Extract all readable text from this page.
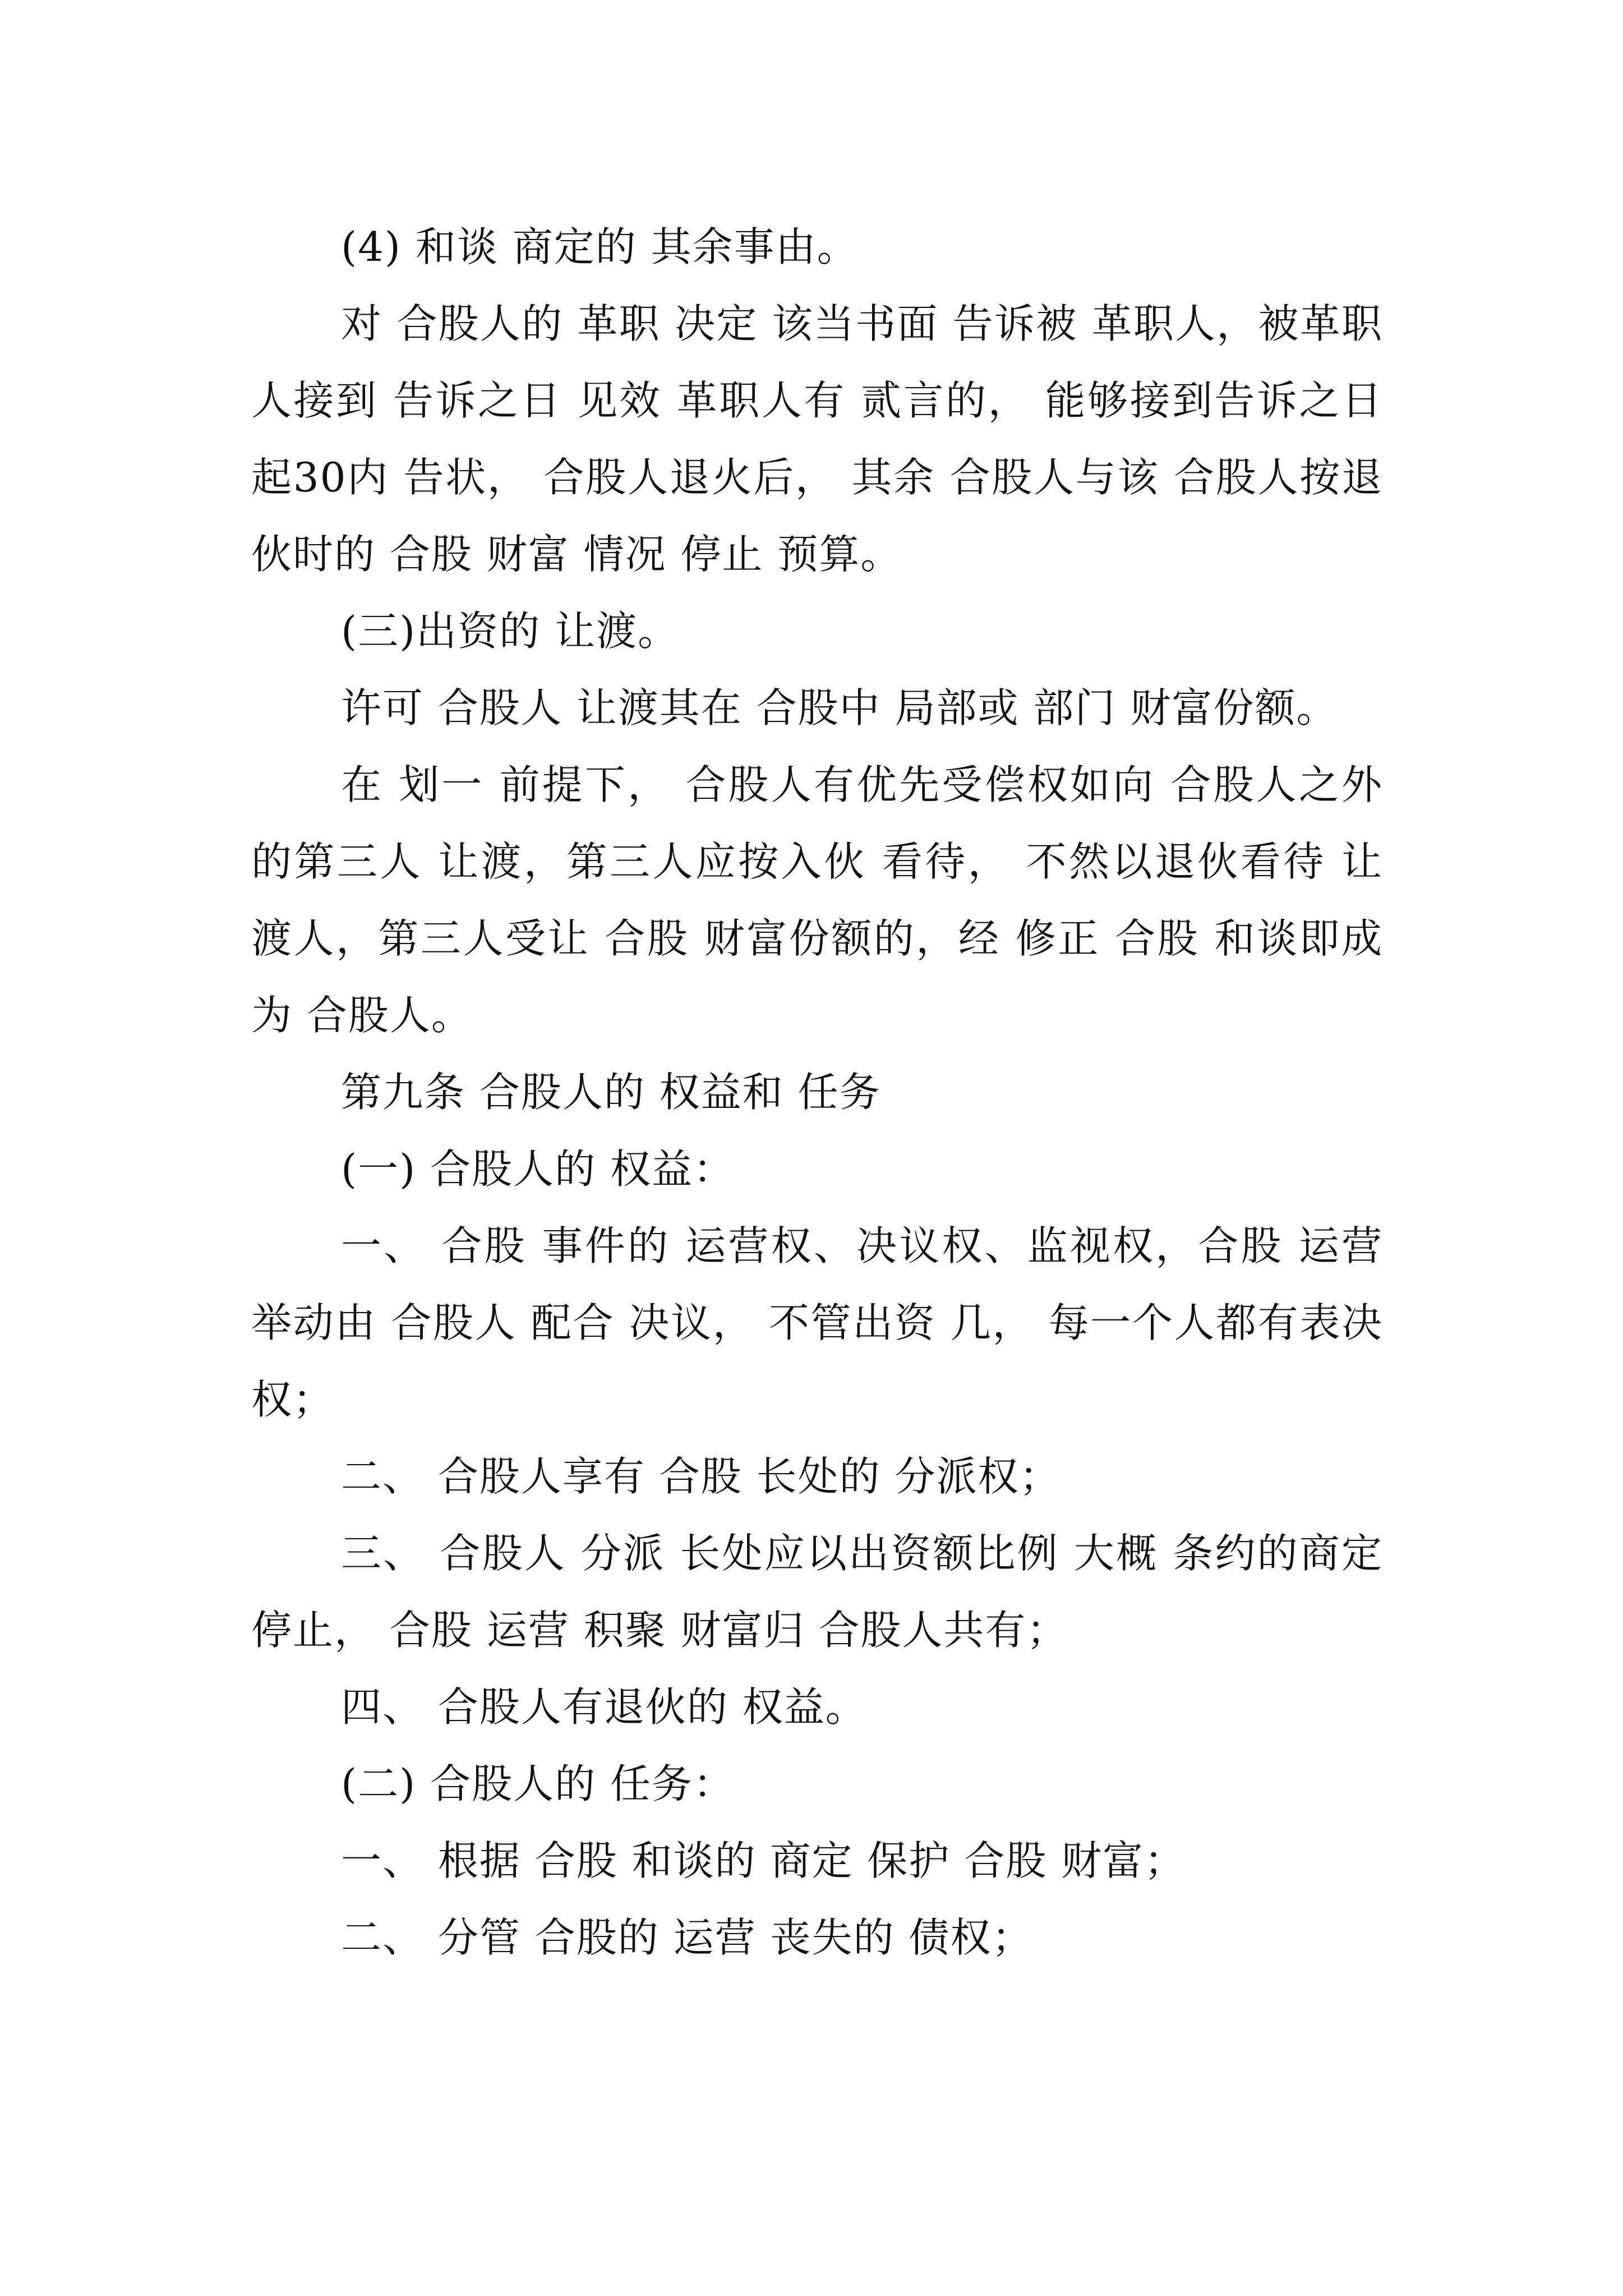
(4) 和谈 商定的 其余事由。

对 合股人的 革职 决定 该当书面 告诉被 革职人，被革职人接到 告诉之日 见效 革职人有 贰言的， 能够接到告诉之日起30内 告状， 合股人退火后， 其余 合股人与该 合股人按退伙时的 合股 财富 情况 停止 预算。

(三)出资的 让渡。

许可 合股人 让渡其在 合股中 局部或 部门 财富份额。

在 划一 前提下， 合股人有优先受偿权如向 合股人之外的第三人 让渡，第三人应按入伙 看待， 不然以退伙看待 让渡人，第三人受让 合股 财富份额的，经 修正 合股 和谈即成为 合股人。

第九条 合股人的 权益和 任务

(一) 合股人的 权益：

一、 合股 事件的 运营权、决议权、监视权，合股 运营 举动由 合股人 配合 决议， 不管出资 几， 每一个人都有表决权；

二、 合股人享有 合股 长处的 分派权；

三、 合股人 分派 长处应以出资额比例 大概 条约的商定 停止， 合股 运营 积聚 财富归 合股人共有；

四、 合股人有退伙的 权益。

(二) 合股人的 任务：

一、 根据 合股 和谈的 商定 保护 合股 财富；

二、 分管 合股的 运营 丧失的 债权；
